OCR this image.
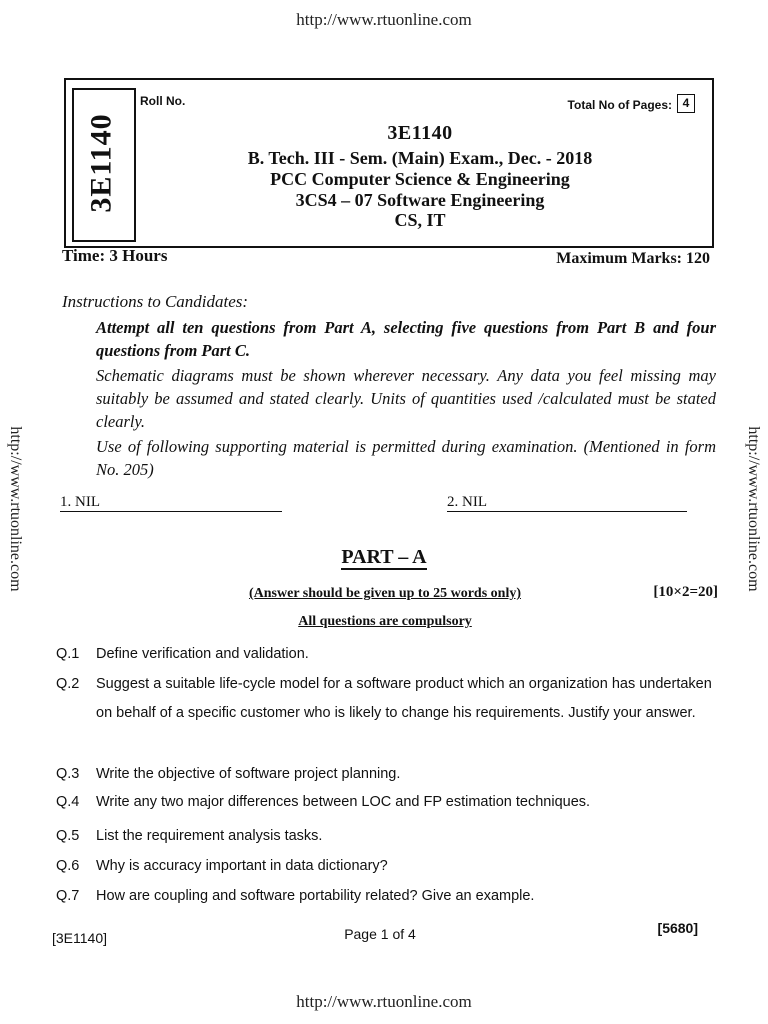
http://www.rtuonline.com
http://www.rtuonline.com	http://www.rtuonline.com
3E1140
Roll No.	Total No of Pages: 4
3E1140
B. Tech. III - Sem. (Main) Exam., Dec. - 2018
PCC Computer Science & Engineering
3CS4 – 07 Software Engineering
CS, IT
Time: 3 Hours	Maximum Marks: 120
Instructions to Candidates:
Attempt all ten questions from Part A, selecting five questions from Part B and four questions from Part C.
Schematic diagrams must be shown wherever necessary. Any data you feel missing may suitably be assumed and stated clearly. Units of quantities used /calculated must be stated clearly.
Use of following supporting material is permitted during examination. (Mentioned in form No. 205)
1. NIL	2. NIL
PART – A
(Answer should be given up to 25 words only)	[10×2=20]
All questions are compulsory
Q.1	Define verification and validation.
Q.2	Suggest a suitable life-cycle model for a software product which an organization has undertaken on behalf of a specific customer who is likely to change his requirements. Justify your answer.
Q.3	Write the objective of software project planning.
Q.4	Write any two major differences between LOC and FP estimation techniques.
Q.5	List the requirement analysis tasks.
Q.6	Why is accuracy important in data dictionary?
Q.7	How are coupling and software portability related? Give an example.
[3E1140]	Page 1 of 4	[5680]
http://www.rtuonline.com
